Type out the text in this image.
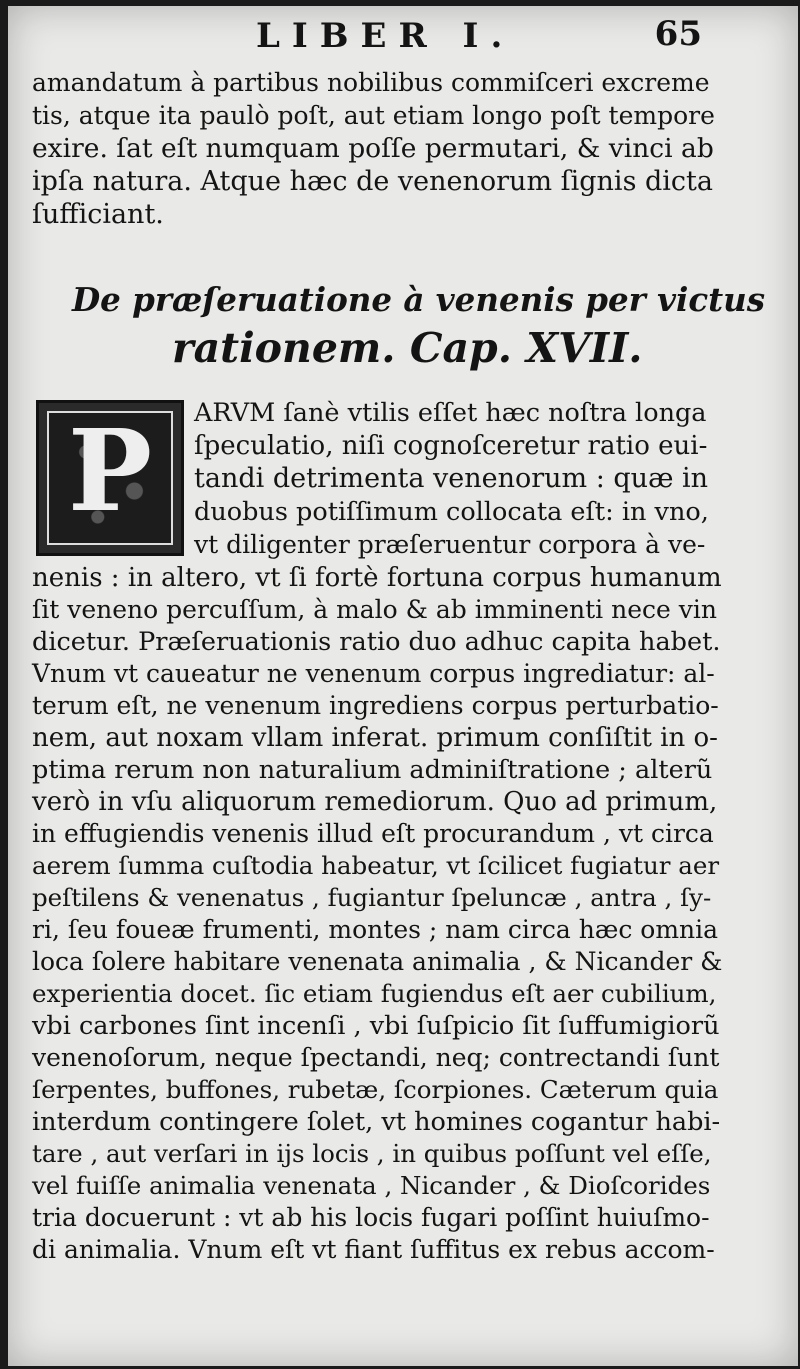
LIBER I.	65
amandatum à partibus nobilibus commiſceri excreme
tis, atque ita paulò poſt, aut etiam longo poſt tempore
exire. ſat eſt numquam poſſe permutari, & vinci ab
ipſa natura. Atque hæc de venenorum ſignis dicta
ſufficiant.
De præſeruatione à venenis per victus
rationem. Cap. XVII.
P	ARVM ſanè vtilis eſſet hæc noſtra longa
ſpeculatio, niſi cognoſceretur ratio eui-
tandi detrimenta venenorum : quæ in
duobus potiſſimum collocata eſt: in vno,
vt diligenter præſeruentur corpora à ve-
nenis : in altero, vt ſi fortè fortuna corpus humanum
ſit veneno percuſſum, à malo & ab imminenti nece vin
dicetur. Præſeruationis ratio duo adhuc capita habet.
Vnum vt caueatur ne venenum corpus ingrediatur: al-
terum eſt, ne venenum ingrediens corpus perturbatio-
nem, aut noxam vllam inferat. primum conſiſtit in o-
ptima rerum non naturalium adminiſtratione ; alterũ
verò in vſu aliquorum remediorum. Quo ad primum,
in effugiendis venenis illud eſt procurandum , vt circa
aerem ſumma cuſtodia habeatur, vt ſcilicet fugiatur aer
peſtilens & venenatus , fugiantur ſpeluncæ , antra , ſy-
ri, ſeu foueæ frumenti, montes ; nam circa hæc omnia
loca ſolere habitare venenata animalia , & Nicander &
experientia docet. ſic etiam fugiendus eſt aer cubilium,
vbi carbones ſint incenſi , vbi ſuſpicio ſit ſuffumigiorũ
venenoſorum, neque ſpectandi, neq; contrectandi ſunt
ſerpentes, buffones, rubetæ, ſcorpiones. Cæterum quia
interdum contingere ſolet, vt homines cogantur habi-
tare , aut verſari in ijs locis , in quibus poſſunt vel eſſe,
vel fuiſſe animalia venenata , Nicander , & Dioſcorides
tria docuerunt : vt ab his locis fugari poſſint huiuſmo-
di animalia. Vnum eſt vt fiant ſuffitus ex rebus accom-
